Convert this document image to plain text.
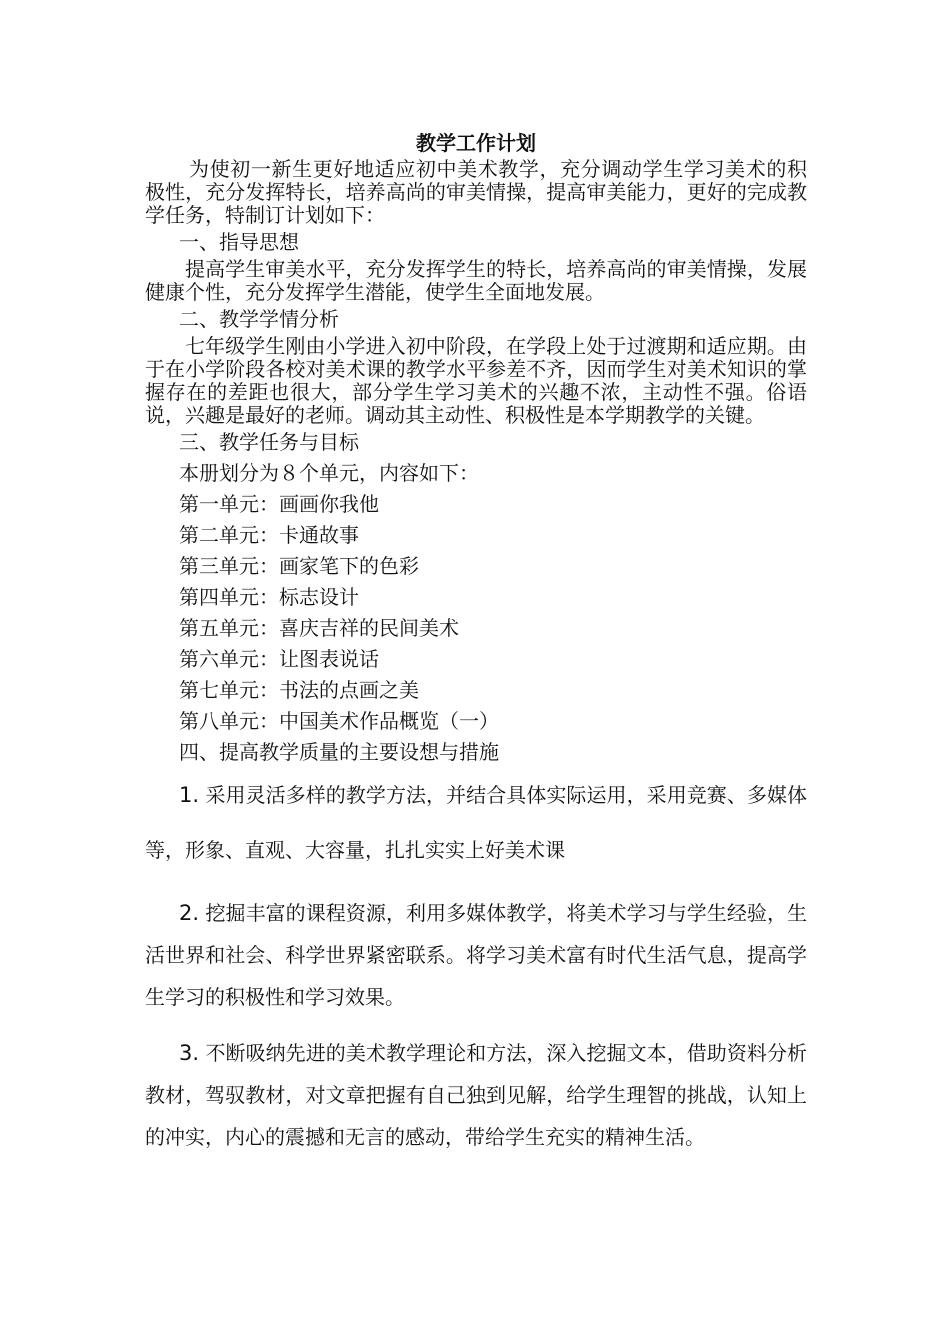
教学工作计划

为使初一新生更好地适应初中美术教学，充分调动学生学习美术的积极性，充分发挥特长，培养高尚的审美情操，提高审美能力，更好的完成教学任务，特制订计划如下：

一、指导思想

提高学生审美水平，充分发挥学生的特长，培养高尚的审美情操，发展健康个性，充分发挥学生潜能，使学生全面地发展。

二、教学学情分析

七年级学生刚由小学进入初中阶段，在学段上处于过渡期和适应期。由于在小学阶段各校对美术课的教学水平参差不齐，因而学生对美术知识的掌握存在的差距也很大，部分学生学习美术的兴趣不浓，主动性不强。俗语说，兴趣是最好的老师。调动其主动性、积极性是本学期教学的关键。

三、教学任务与目标

本册划分为８个单元，内容如下：

第一单元：画画你我他

第二单元：卡通故事

第三单元：画家笔下的色彩

第四单元：标志设计

第五单元：喜庆吉祥的民间美术

第六单元：让图表说话

第七单元：书法的点画之美

第八单元：中国美术作品概览（一）

四、提高教学质量的主要设想与措施

1. 采用灵活多样的教学方法，并结合具体实际运用，采用竞赛、多媒体等，形象、直观、大容量，扎扎实实上好美术课

2. 挖掘丰富的课程资源，利用多媒体教学，将美术学习与学生经验，生活世界和社会、科学世界紧密联系。将学习美术富有时代生活气息，提高学生学习的积极性和学习效果。

3. 不断吸纳先进的美术教学理论和方法，深入挖掘文本，借助资料分析教材，驾驭教材，对文章把握有自己独到见解，给学生理智的挑战，认知上的冲实，内心的震撼和无言的感动，带给学生充实的精神生活。
